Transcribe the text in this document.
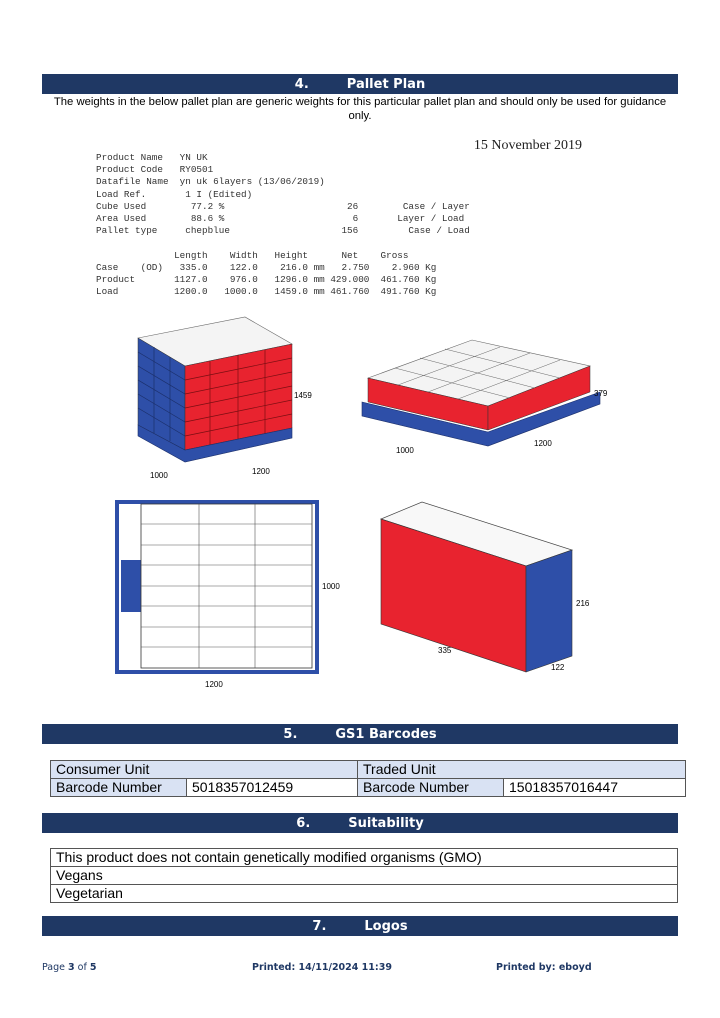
4.	Pallet Plan
The weights in the below pallet plan are generic weights for this particular pallet plan and should only be used for guidance only.
15 November 2019
Product Name   YN UK
Product Code   RY0501
Datafile Name  yn uk 6layers (13/06/2019)
Load Ref.       1 I (Edited)
Cube Used        77.2 %                      26        Case / Layer
Area Used        88.6 %                       6       Layer / Load
Pallet type     chepblue                    156         Case / Load

Length    Width   Height      Net    Gross
Case    (OD)   335.0    122.0    216.0 mm   2.750    2.960 Kg
Product       1127.0    976.0   1296.0 mm 429.000  461.760 Kg
Load          1200.0   1000.0   1459.0 mm 461.760  491.760 Kg
1459
1000	1200
379
1000
1200
1000
1200
216
335
122
5.	GS1 Barcodes
Consumer Unit		Traded Unit	
Barcode Number	5018357012459	Barcode Number	15018357016447
6.	Suitability
This product does not contain genetically modified organisms (GMO)
Vegans
Vegetarian
7.	Logos
Page 3 of 5	Printed: 14/11/2024 11:39	Printed by: eboyd
